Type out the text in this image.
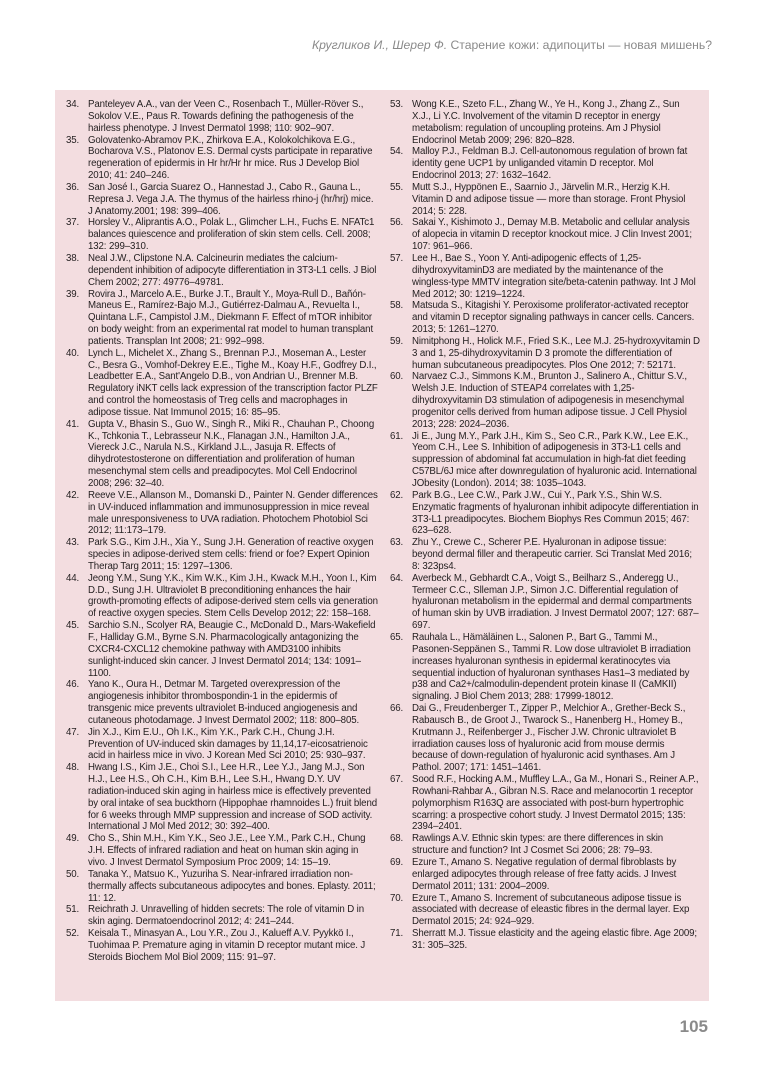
Кругликов И., Шерер Ф. Старение кожи: адипоциты — новая мишень?
34. Panteleyev A.A., van der Veen C., Rosenbach T., Müller-Röver S., Sokolov V.E., Paus R. Towards defining the pathogenesis of the hairless phenotype. J Invest Dermatol 1998; 110: 902–907.
35. Golovatenko-Abramov P.K., Zhirkova E.A., Kolokolchikova E.G., Bocharova V.S., Platonov E.S. Dermal cysts participate in reparative regeneration of epidermis in Hr hr/Hr hr mice. Rus J Develop Biol 2010; 41: 240–246.
36. San José I., Garcia Suarez O., Hannestad J., Cabo R., Gauna L., Represa J. Vega J.A. The thymus of the hairless rhino-j (hr/hrj) mice. J Anatomy.2001; 198: 399–406.
37. Horsley V., Aliprantis A.O., Polak L., Glimcher L.H., Fuchs E. NFATc1 balances quiescence and proliferation of skin stem cells. Cell. 2008; 132: 299–310.
38. Neal J.W., Clipstone N.A. Calcineurin mediates the calcium-dependent inhibition of adipocyte differentiation in 3T3-L1 cells. J Biol Chem 2002; 277: 49776–49781.
39. Rovira J., Marcelo A.E., Burke J.T., Brault Y., Moya-Rull D., Bañón-Maneus E., Ramírez-Bajo M.J., Gutiérrez-Dalmau A., Revuelta I., Quintana L.F., Campistol J.M., Diekmann F. Effect of mTOR inhibitor on body weight: from an experimental rat model to human transplant patients. Transplan Int 2008; 21: 992–998.
40. Lynch L., Michelet X., Zhang S., Brennan P.J., Moseman A., Lester C., Besra G., Vomhof-Dekrey E.E., Tighe M., Koay H.F., Godfrey D.I., Leadbetter E.A., Sant'Angelo D.B., von Andrian U., Brenner M.B. Regulatory iNKT cells lack expression of the transcription factor PLZF and control the homeostasis of Treg cells and macrophages in adipose tissue. Nat Immunol 2015; 16: 85–95.
41. Gupta V., Bhasin S., Guo W., Singh R., Miki R., Chauhan P., Choong K., Tchkonia T., Lebrasseur N.K., Flanagan J.N., Hamilton J.A., Viereck J.C., Narula N.S., Kirkland J.L., Jasuja R. Effects of dihydrotestosterone on differentiation and proliferation of human mesenchymal stem cells and preadipocytes. Mol Cell Endocrinol 2008; 296: 32–40.
42. Reeve V.E., Allanson M., Domanski D., Painter N. Gender differences in UV-induced inflammation and immunosuppression in mice reveal male unresponsiveness to UVA radiation. Photochem Photobiol Sci 2012; 11:173–179.
43. Park S.G., Kim J.H., Xia Y., Sung J.H. Generation of reactive oxygen species in adipose-derived stem cells: friend or foe? Expert Opinion Therap Targ 2011; 15: 1297–1306.
44. Jeong Y.M., Sung Y.K., Kim W.K., Kim J.H., Kwack M.H., Yoon I., Kim D.D., Sung J.H. Ultraviolet B preconditioning enhances the hair growth-promoting effects of adipose-derived stem cells via generation of reactive oxygen species. Stem Cells Develop 2012; 22: 158–168.
45. Sarchio S.N., Scolyer RA, Beaugie C., McDonald D., Mars-Wakefield F., Halliday G.M., Byrne S.N. Pharmacologically antagonizing the CXCR4-CXCL12 chemokine pathway with AMD3100 inhibits sunlight-induced skin cancer. J Invest Dermatol 2014; 134: 1091–1100.
46. Yano K., Oura H., Detmar M. Targeted overexpression of the angiogenesis inhibitor thrombospondin-1 in the epidermis of transgenic mice prevents ultraviolet B-induced angiogenesis and cutaneous photodamage. J Invest Dermatol 2002; 118: 800–805.
47. Jin X.J., Kim E.U., Oh I.K., Kim Y.K., Park C.H., Chung J.H. Prevention of UV-induced skin damages by 11,14,17-eicosatrienoic acid in hairless mice in vivo. J Korean Med Sci 2010; 25: 930–937.
48. Hwang I.S., Kim J.E., Choi S.I., Lee H.R., Lee Y.J., Jang M.J., Son H.J., Lee H.S., Oh C.H., Kim B.H., Lee S.H., Hwang D.Y. UV radiation-induced skin aging in hairless mice is effectively prevented by oral intake of sea buckthorn (Hippophae rhamnoides L.) fruit blend for 6 weeks through MMP suppression and increase of SOD activity. International J Mol Med 2012; 30: 392–400.
49. Cho S., Shin M.H., Kim Y.K., Seo J.E., Lee Y.M., Park C.H., Chung J.H. Effects of infrared radiation and heat on human skin aging in vivo. J Invest Dermatol Symposium Proc 2009; 14: 15–19.
50. Tanaka Y., Matsuo K., Yuzuriha S. Near-infrared irradiation non-thermally affects subcutaneous adipocytes and bones. Eplasty. 2011; 11: 12.
51. Reichrath J. Unravelling of hidden secrets: The role of vitamin D in skin aging. Dermatoendocrinol 2012; 4: 241–244.
52. Keisala T., Minasyan A., Lou Y.R., Zou J., Kalueff A.V. Pyykkö I., Tuohimaa P. Premature aging in vitamin D receptor mutant mice. J Steroids Biochem Mol Biol 2009; 115: 91–97.
53. Wong K.E., Szeto F.L., Zhang W., Ye H., Kong J., Zhang Z., Sun X.J., Li Y.C. Involvement of the vitamin D receptor in energy metabolism: regulation of uncoupling proteins. Am J Physiol Endocrinol Metab 2009; 296: 820–828.
54. Malloy P.J., Feldman B.J. Cell-autonomous regulation of brown fat identity gene UCP1 by unliganded vitamin D receptor. Mol Endocrinol 2013; 27: 1632–1642.
55. Mutt S.J., Hyppönen E., Saarnio J., Järvelin M.R., Herzig K.H. Vitamin D and adipose tissue — more than storage. Front Physiol 2014; 5: 228.
56. Sakai Y., Kishimoto J., Demay M.B. Metabolic and cellular analysis of alopecia in vitamin D receptor knockout mice. J Clin Invest 2001; 107: 961–966.
57. Lee H., Bae S., Yoon Y. Anti-adipogenic effects of 1,25-dihydroxyvitaminD3 are mediated by the maintenance of the wingless-type MMTV integration site/beta-catenin pathway. Int J Mol Med 2012; 30: 1219–1224.
58. Matsuda S., Kitagishi Y. Peroxisome proliferator-activated receptor and vitamin D receptor signaling pathways in cancer cells. Cancers. 2013; 5: 1261–1270.
59. Nimitphong H., Holick M.F., Fried S.K., Lee M.J. 25-hydroxyvitamin D 3 and 1, 25-dihydroxyvitamin D 3 promote the differentiation of human subcutaneous preadipocytes. Plos One 2012; 7: 52171.
60. Narvaez C.J., Simmons K.M., Brunton J., Salinero A., Chittur S.V., Welsh J.E. Induction of STEAP4 correlates with 1,25-dihydroxyvitamin D3 stimulation of adipogenesis in mesenchymal progenitor cells derived from human adipose tissue. J Cell Physiol 2013; 228: 2024–2036.
61. Ji E., Jung M.Y., Park J.H., Kim S., Seo C.R., Park K.W., Lee E.K., Yeom C.H., Lee S. Inhibition of adipogenesis in 3T3-L1 cells and suppression of abdominal fat accumulation in high-fat diet feeding C57BL/6J mice after downregulation of hyaluronic acid. International JObesity (London). 2014; 38: 1035–1043.
62. Park B.G., Lee C.W., Park J.W., Cui Y., Park Y.S., Shin W.S. Enzymatic fragments of hyaluronan inhibit adipocyte differentiation in 3T3-L1 preadipocytes. Biochem Biophys Res Commun 2015; 467: 623–628.
63. Zhu Y., Crewe C., Scherer P.E. Hyaluronan in adipose tissue: beyond dermal filler and therapeutic carrier. Sci Translat Med 2016; 8: 323ps4.
64. Averbeck M., Gebhardt C.A., Voigt S., Beilharz S., Anderegg U., Termeer C.C., Slleman J.P., Simon J.C. Differential regulation of hyaluronan metabolism in the epidermal and dermal compartments of human skin by UVB irradiation. J Invest Dermatol 2007; 127: 687–697.
65. Rauhala L., Hämäläinen L., Salonen P., Bart G., Tammi M., Pasonen-Seppänen S., Tammi R. Low dose ultraviolet B irradiation increases hyaluronan synthesis in epidermal keratinocytes via sequential induction of hyaluronan synthases Has1–3 mediated by p38 and Ca2+/calmodulin-dependent protein kinase II (CaMKII) signaling. J Biol Chem 2013; 288: 17999-18012.
66. Dai G., Freudenberger T., Zipper P., Melchior A., Grether-Beck S., Rabausch B., de Groot J., Twarock S., Hanenberg H., Homey B., Krutmann J., Reifenberger J., Fischer J.W. Chronic ultraviolet B irradiation causes loss of hyaluronic acid from mouse dermis because of down-regulation of hyaluronic acid synthases. Am J Pathol. 2007; 171: 1451–1461.
67. Sood R.F., Hocking A.M., Muffley L.A., Ga M., Honari S., Reiner A.P., Rowhani-Rahbar A., Gibran N.S. Race and melanocortin 1 receptor polymorphism R163Q are associated with post-burn hypertrophic scarring: a prospective cohort study. J Invest Dermatol 2015; 135: 2394–2401.
68. Rawlings A.V. Ethnic skin types: are there differences in skin structure and function? Int J Cosmet Sci 2006; 28: 79–93.
69. Ezure T., Amano S. Negative regulation of dermal fibroblasts by enlarged adipocytes through release of free fatty acids. J Invest Dermatol 2011; 131: 2004–2009.
70. Ezure T., Amano S. Increment of subcutaneous adipose tissue is associated with decrease of eleastic fibres in the dermal layer. Exp Dermatol 2015; 24: 924–929.
71. Sherratt M.J. Tissue elasticity and the ageing elastic fibre. Age 2009; 31: 305–325.
105
